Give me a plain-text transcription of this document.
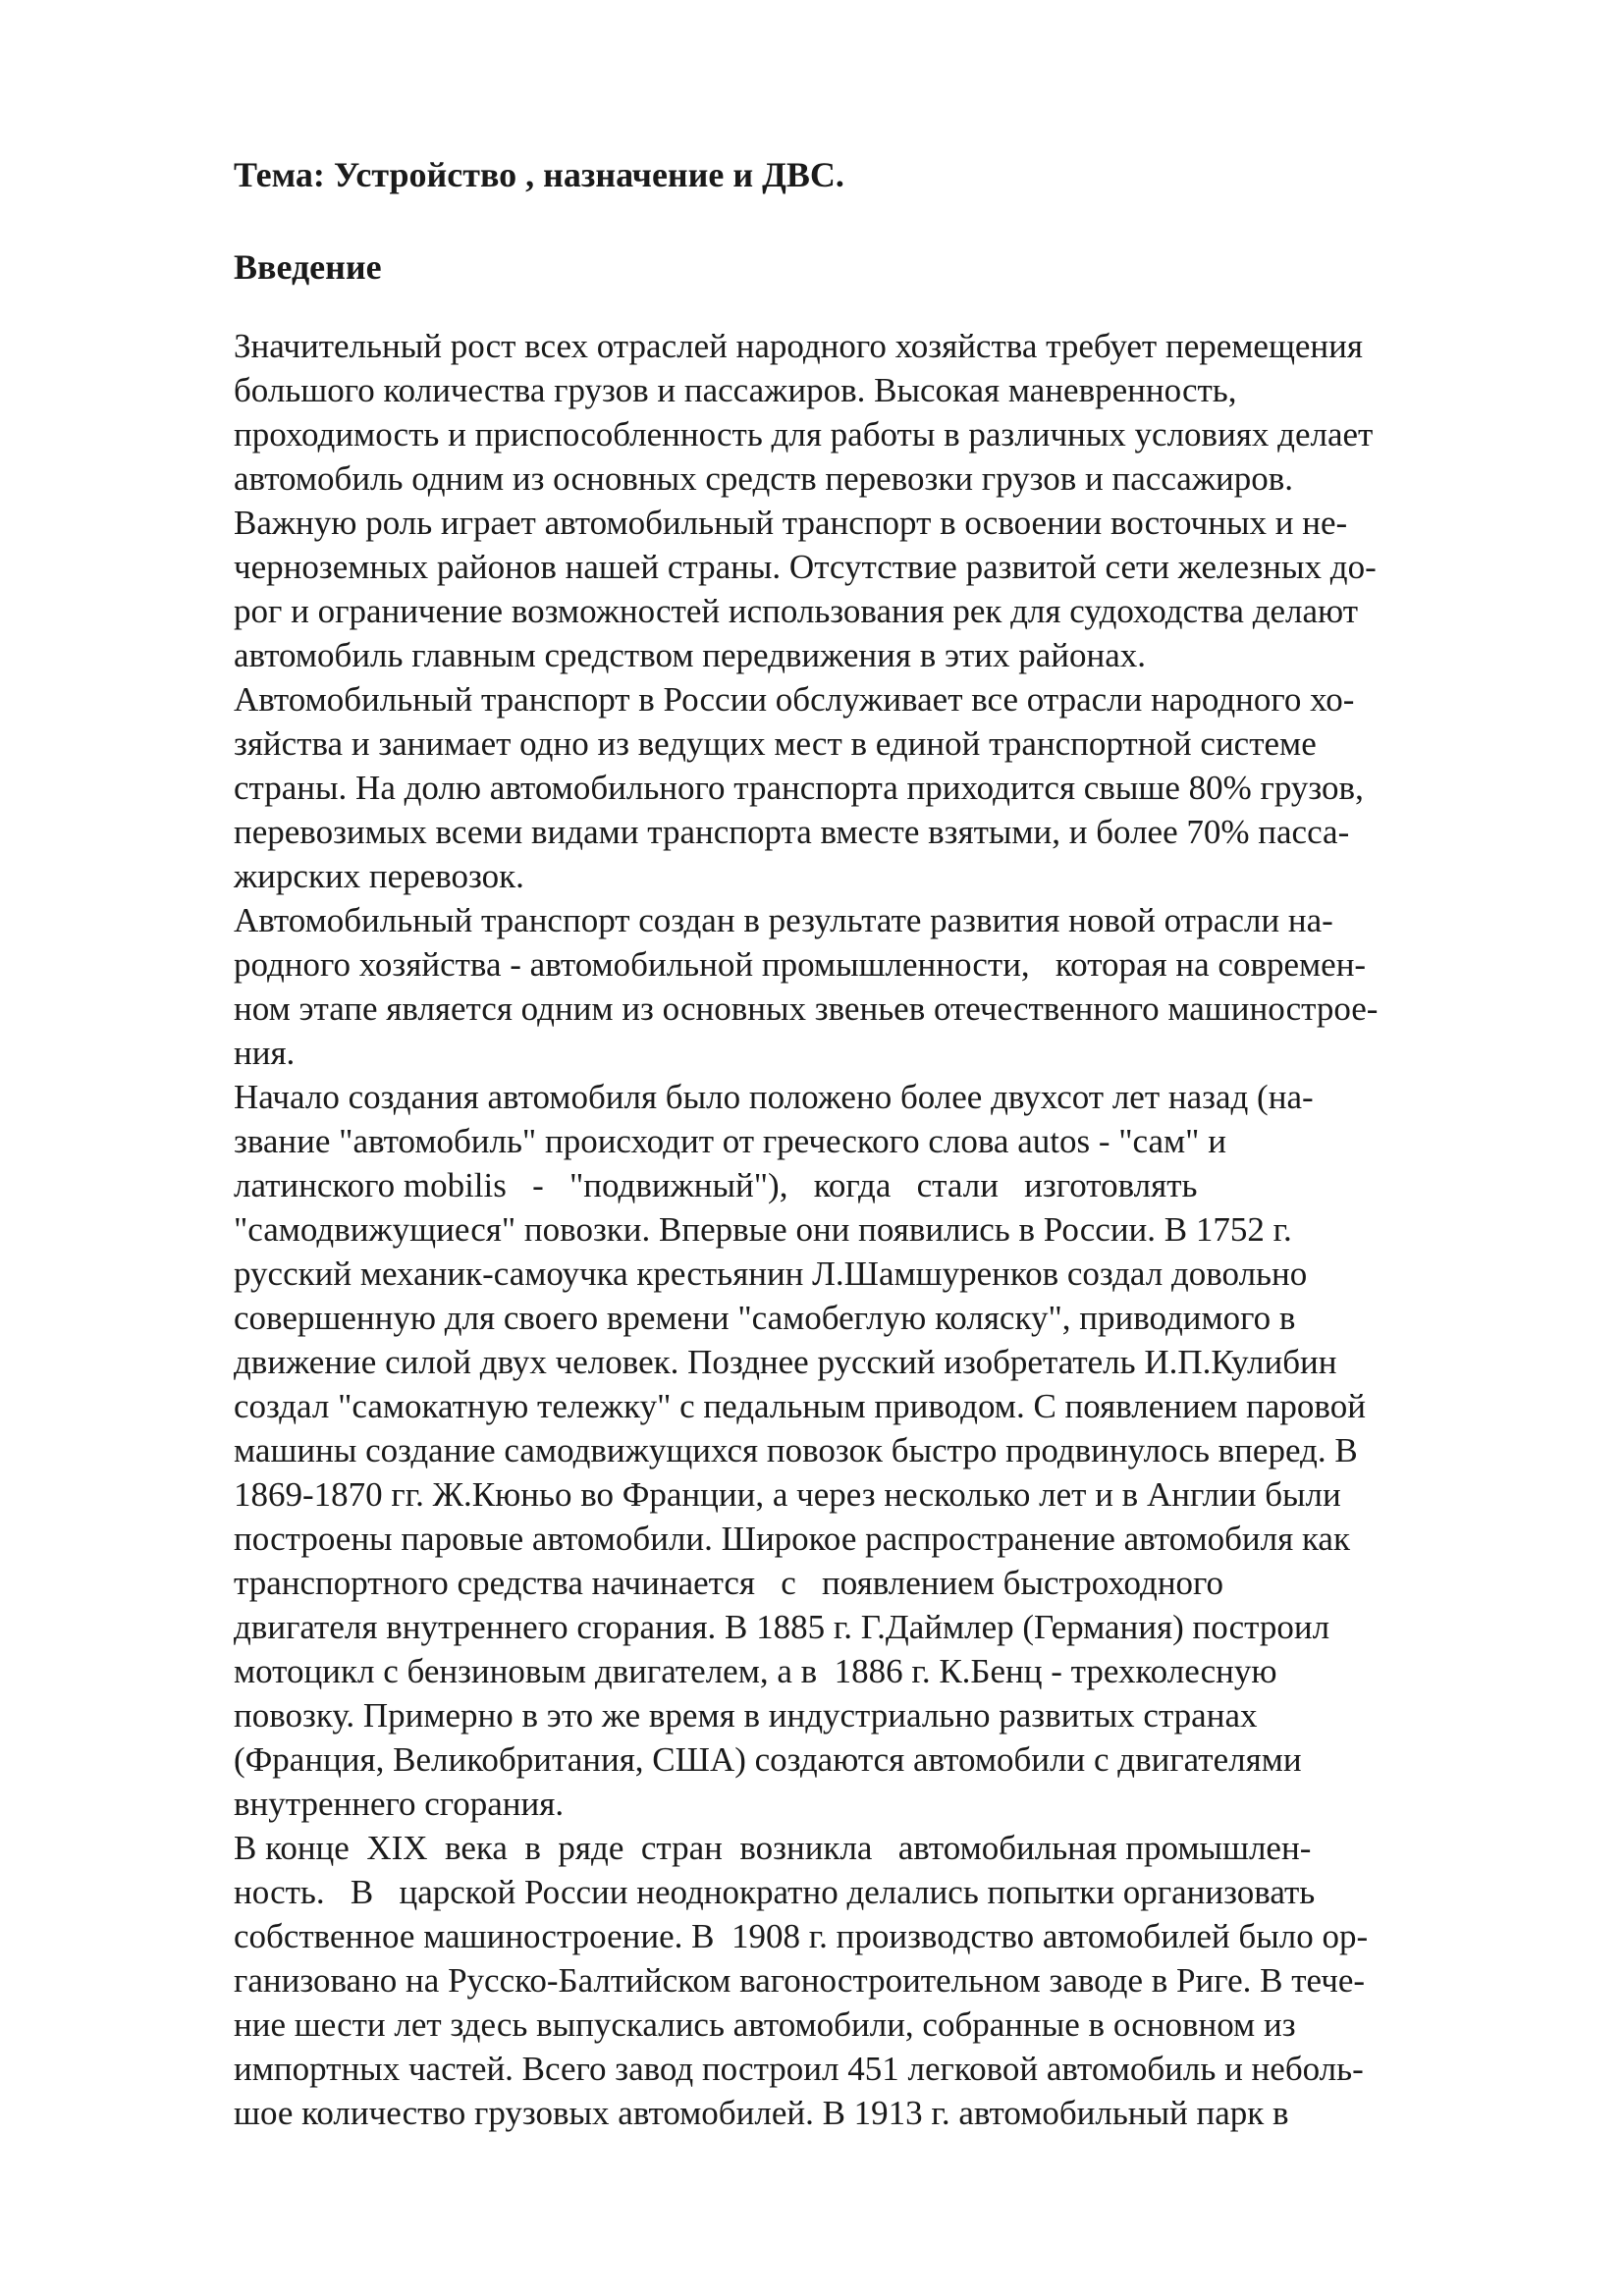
Тема: Устройство , назначение и ДВС.
Введение
Значительный рост всех отраслей народного хозяйства требует перемещения
большого количества грузов и пассажиров. Высокая маневренность,
проходимость и приспособленность для работы в различных условиях делает
автомобиль одним из основных средств перевозки грузов и пассажиров.
Важную роль играет автомобильный транспорт в освоении восточных и не-
черноземных районов нашей страны. Отсутствие развитой сети железных до-
рог и ограничение возможностей использования рек для судоходства делают
автомобиль главным средством передвижения в этих районах.
Автомобильный транспорт в России обслуживает все отрасли народного хо-
зяйства и занимает одно из ведущих мест в единой транспортной системе
страны. На долю автомобильного транспорта приходится свыше 80% грузов,
перевозимых всеми видами транспорта вместе взятыми, и более 70% пасса-
жирских перевозок.
Автомобильный транспорт создан в результате развития новой отрасли на-
родного хозяйства - автомобильной промышленности,   которая на современ-
ном этапе является одним из основных звеньев отечественного машинострое-
ния.
Начало создания автомобиля было положено более двухсот лет назад (на-
звание "автомобиль" происходит от греческого слова autos - "сам" и
латинского mobilis   -   "подвижный"),   когда   стали   изготовлять
"самодвижущиеся" повозки. Впервые они появились в России. В 1752 г.
русский механик-самоучка крестьянин Л.Шамшуренков создал довольно
совершенную для своего времени "самобеглую коляску", приводимого в
движение силой двух человек. Позднее русский изобретатель И.П.Кулибин
создал "самокатную тележку" с педальным приводом. С появлением паровой
машины создание самодвижущихся повозок быстро продвинулось вперед. В
1869-1870 гг. Ж.Кюньо во Франции, а через несколько лет и в Англии были
построены паровые автомобили. Широкое распространение автомобиля как
транспортного средства начинается   с   появлением быстроходного
двигателя внутреннего сгорания. В 1885 г. Г.Даймлер (Германия) построил
мотоцикл с бензиновым двигателем, а в  1886 г. К.Бенц - трехколесную
повозку. Примерно в это же время в индустриально развитых странах
(Франция, Великобритания, США) создаются автомобили с двигателями
внутреннего сгорания.
В конце  XIX  века  в  ряде  стран  возникла   автомобильная промышлен-
ность.   В   царской России неоднократно делались попытки организовать
собственное машиностроение. В  1908 г. производство автомобилей было ор-
ганизовано на Русско-Балтийском вагоностроительном заводе в Риге. В тече-
ние шести лет здесь выпускались автомобили, собранные в основном из
импортных частей. Всего завод построил 451 легковой автомобиль и неболь-
шое количество грузовых автомобилей. В 1913 г. автомобильный парк в
